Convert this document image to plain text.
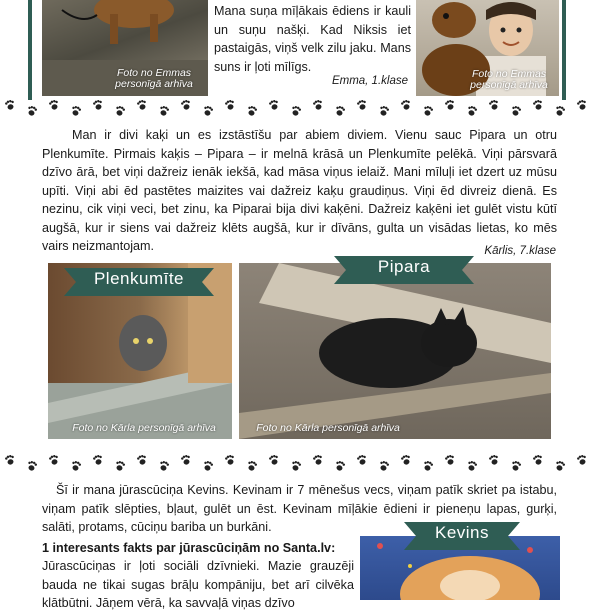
Foto no Emmas personīgā arhīva

Mana suņa mīļākais ēdiens ir kauli un suņu našķi. Kad Niksis iet pastaigās, viņš velk zilu jaku. Mans suns ir ļoti mīlīgs.

Emma, 1.klase
Foto no Emmas personīgā arhīva

Man ir divi kaķi un es izstāstīšu par abiem diviem. Vienu sauc Pipara un otru Plenkumīte. Pirmais kaķis – Pipara – ir melnā krāsā un Plenkumīte pelēkā. Viņi pārsvarā dzīvo ārā, bet viņi dažreiz ienāk iekšā, kad māsa viņus ielaiž. Mani mīluļi iet dzert uz mūsu upīti. Viņi abi ēd pastētes maizites vai dažreiz kaķu graudiņus. Viņi ēd divreiz dienā. Es nezinu, cik viņi veci, bet zinu, ka Piparai bija divi kaķēni. Dažreiz kaķēni iet gulēt vistu kūtī augšā, kur ir siens vai dažreiz klēts augšā, kur ir dīvāns, gulta un visādas lietas, ko mēs vairs neizmantojam.	Kārlis, 7.klase
Foto no Kārla personīgā arhīva	Foto no Kārla personīgā arhīva
Plenkumīte
Pipara

Šī ir mana jūrascūciņa Kevins. Kevinam ir 7 mēnešus vecs, viņam patīk skriet pa istabu, viņam patīk slēpties, bļaut, gulēt un ēst. Kevinam mīļākie ēdieni ir pieneņu lapas, gurķi, salāti, protams, cūciņu bariba un burkāni.

1 interesants fakts par jūrascūciņām no Santa.lv:

Jūrascūciņas ir ļoti sociāli dzīvnieki. Mazie grauzēji bauda ne tikai sugas brāļu kompāniju, bet arī cilvēka klātbūtni. Jāņem vērā, ka savvaļā viņas dzīvo

Kevins
